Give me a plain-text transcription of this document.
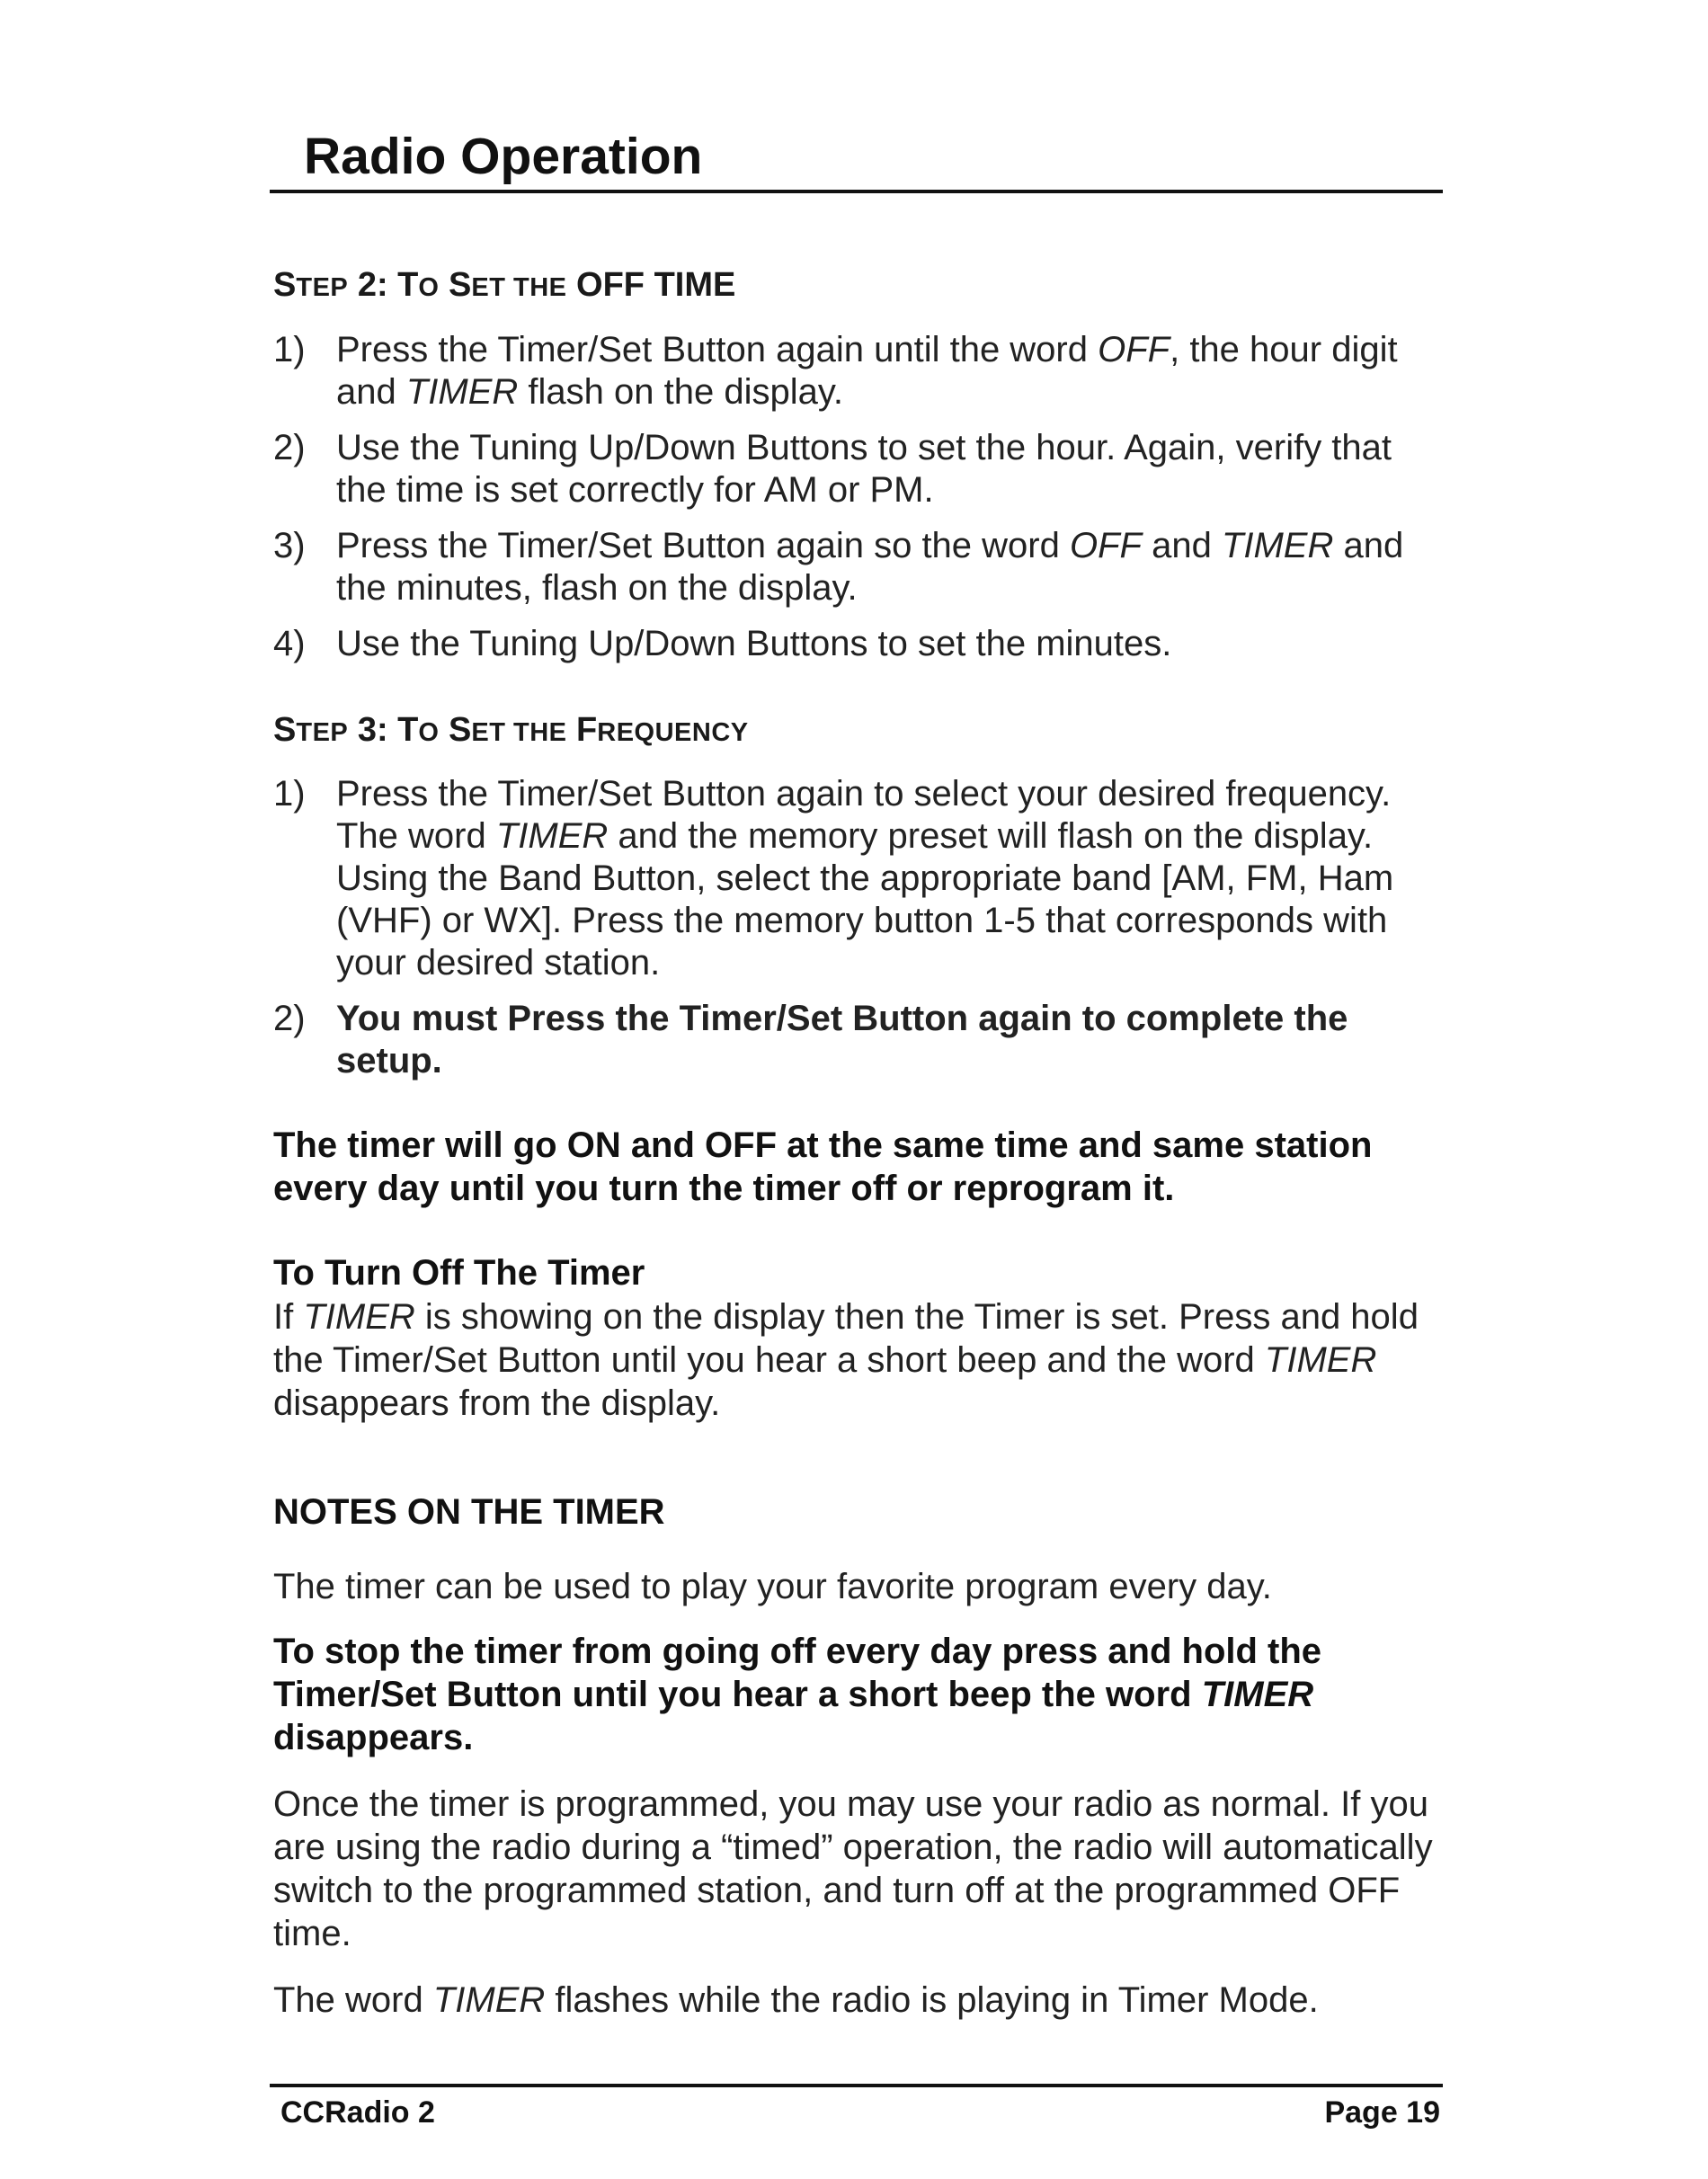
Radio Operation
STEP 2: TO SET THE OFF TIME
1) Press the Timer/Set Button again until the word OFF, the hour digit and TIMER flash on the display.
2) Use the Tuning Up/Down Buttons to set the hour. Again, verify that the time is set correctly for AM or PM.
3) Press the Timer/Set Button again so the word OFF and TIMER and the minutes, flash on the display.
4) Use the Tuning Up/Down Buttons to set the minutes.
STEP 3: TO SET THE FREQUENCY
1) Press the Timer/Set Button again to select your desired frequency. The word TIMER and the memory preset will flash on the display. Using the Band Button, select the appropriate band [AM, FM, Ham (VHF) or WX]. Press the memory button 1-5 that corresponds with your desired station.
2) You must Press the Timer/Set Button again to complete the setup.

The timer will go ON and OFF at the same time and same station every day until you turn the timer off or reprogram it.

To Turn Off The Timer

If TIMER is showing on the display then the Timer is set. Press and hold the Timer/Set Button until you hear a short beep and the word TIMER disappears from the display.

NOTES ON THE TIMER

The timer can be used to play your favorite program every day.

To stop the timer from going off every day press and hold the Timer/Set Button until you hear a short beep the word TIMER disappears.

Once the timer is programmed, you may use your radio as normal. If you are using the radio during a “timed” operation, the radio will automatically switch to the programmed station, and turn off at the programmed OFF time.

The word TIMER flashes while the radio is playing in Timer Mode.

CCRadio 2	Page 19
